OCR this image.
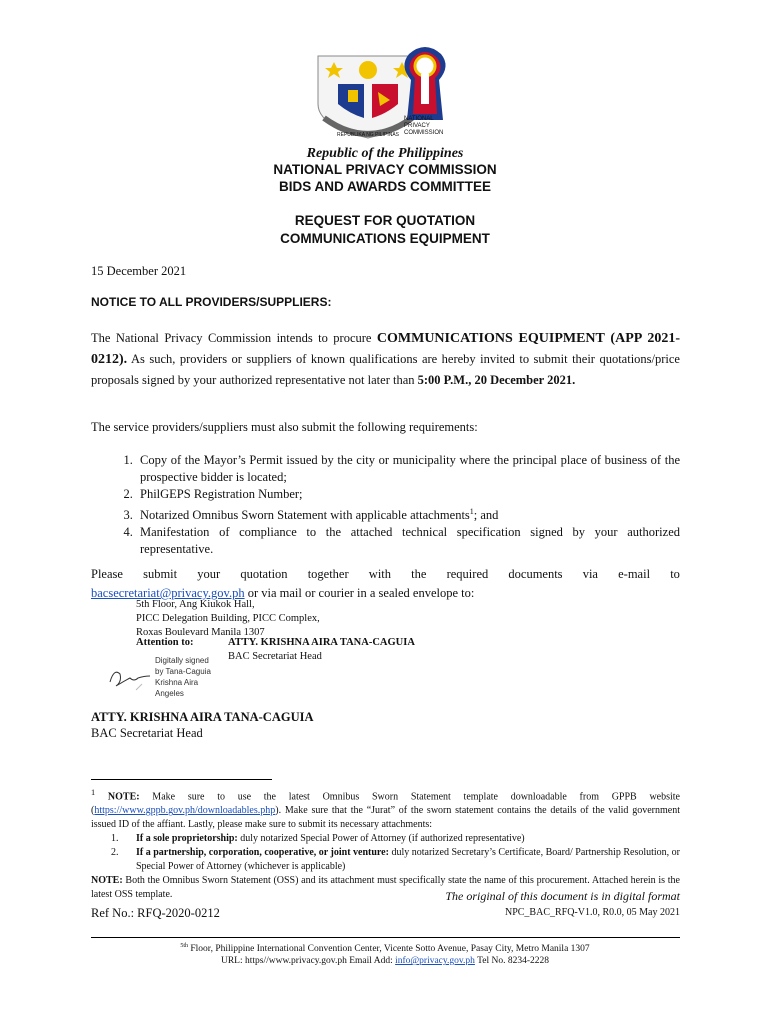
NATIONAL
PRIVACY
COMMISSION
REPUBLIKA NG PILIPINAS
Republic of the Philippines
NATIONAL PRIVACY COMMISSION
BIDS AND AWARDS COMMITTEE
REQUEST FOR QUOTATION
COMMUNICATIONS EQUIPMENT
15 December 2021
NOTICE TO ALL PROVIDERS/SUPPLIERS:
The National Privacy Commission intends to procure COMMUNICATIONS EQUIPMENT (APP 2021-0212). As such, providers or suppliers of known qualifications are hereby invited to submit their quotations/price proposals signed by your authorized representative not later than 5:00 P.M., 20 December 2021.
The service providers/suppliers must also submit the following requirements:
1. Copy of the Mayor’s Permit issued by the city or municipality where the principal place of business of the prospective bidder is located;
2. PhilGEPS Registration Number;
3. Notarized Omnibus Sworn Statement with applicable attachments$^1$; and
4. Manifestation of compliance to the attached technical specification signed by your authorized representative.
Please submit your quotation together with the required documents via e-mail to
bacsecretariat@privacy.gov.ph or via mail or courier in a sealed envelope to:
5th Floor, Ang Kiukok Hall,
PICC Delegation Building, PICC Complex,
Roxas Boulevard Manila 1307
Attention to:	ATTY. KRISHNA AIRA TANA-CAGUIA
BAC Secretariat Head
Digitally signed
by Tana-Caguia
Krishna Aira
Angeles
ATTY. KRISHNA AIRA TANA-CAGUIA
BAC Secretariat Head
$^1$ NOTE: Make sure to use the latest Omnibus Sworn Statement template downloadable from GPPB website (https://www.gppb.gov.ph/downloadables.php). Make sure that the “Jurat” of the sworn statement contains the details of the valid government issued ID of the affiant. Lastly, please make sure to submit its necessary attachments:
1.	If a sole proprietorship: duly notarized Special Power of Attorney (if authorized representative)
2.	If a partnership, corporation, cooperative, or joint venture: duly notarized Secretary’s Certificate, Board/ Partnership Resolution, or Special Power of Attorney (whichever is applicable)
NOTE: Both the Omnibus Sworn Statement (OSS) and its attachment must specifically state the name of this procurement. Attached herein is the latest OSS template.	The original of this document is in digital format
Ref No.: RFQ-2020-0212	NPC_BAC_RFQ-V1.0, R0.0, 05 May 2021
$^{5th}$ Floor, Philippine International Convention Center, Vicente Sotto Avenue, Pasay City, Metro Manila 1307
URL: https//www.privacy.gov.ph Email Add: info@privacy.gov.ph Tel No. 8234-2228
